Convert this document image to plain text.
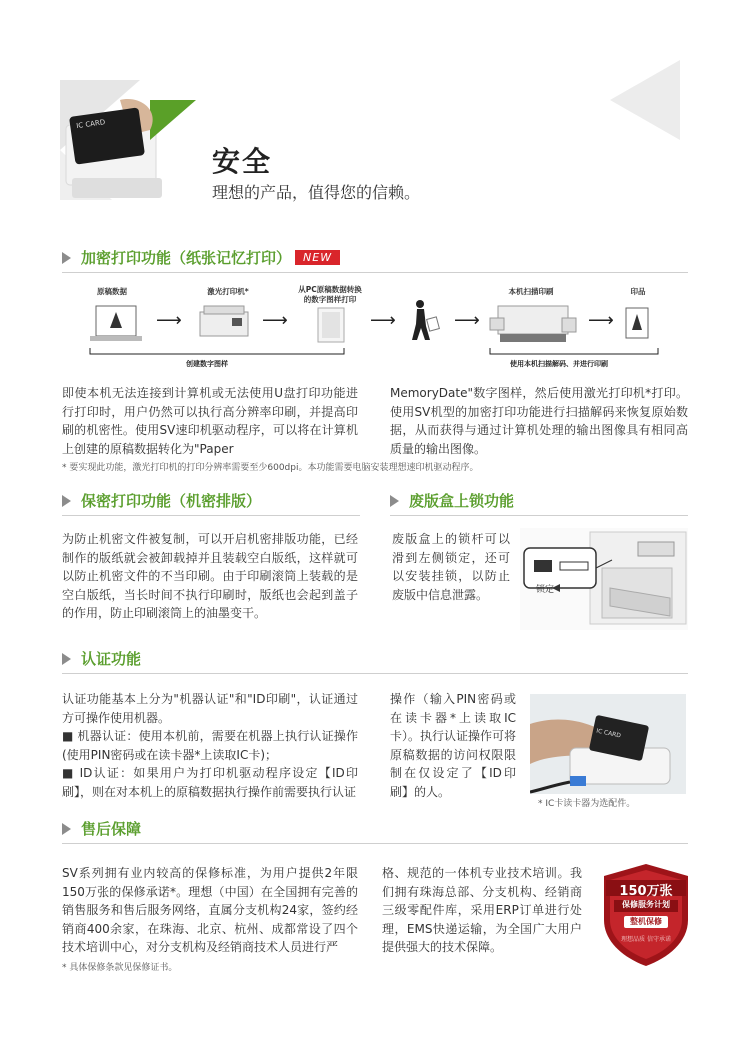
IC CARD
安全
理想的产品，值得您的信赖。
加密打印功能（纸张记忆打印）	NEW
原稿数据	激光打印机*	从PC原稿数据转换
的数字图样打印
本机扫描印刷	印品
⟶	⟶	⟶	⟶	⟶
创建数字图样	使用本机扫描解码、并进行印刷
即使本机无法连接到计算机或无法使用U盘打印功能进行打印时，用户仍然可以执行高分辨率印刷，并提高印刷的机密性。使用SV速印机驱动程序，可以将在计算机上创建的原稿数据转化为"Paper
MemoryDate"数字图样，然后使用激光打印机*打印。使用SV机型的加密打印功能进行扫描解码来恢复原始数据，从而获得与通过计算机处理的输出图像具有相同高质量的输出图像。
* 要实现此功能，激光打印机的打印分辨率需要至少600dpi。本功能需要电脑安装理想速印机驱动程序。
保密打印功能（机密排版）
为防止机密文件被复制，可以开启机密排版功能，已经制作的版纸就会被卸载掉并且装载空白版纸，这样就可以防止机密文件的不当印刷。由于印刷滚筒上装载的是空白版纸，当长时间不执行印刷时，版纸也会起到盖子的作用，防止印刷滚筒上的油墨变干。
废版盒上锁功能
废版盒上的锁杆可以滑到左侧锁定，还可以安装挂锁，以防止废版中信息泄露。	锁定
认证功能
认证功能基本上分为"机器认证"和"ID印刷"，认证通过方可操作使用机器。
■ 机器认证：使用本机前，需要在机器上执行认证操作(使用PIN密码或在读卡器*上读取IC卡)；
■ ID认证：如果用户为打印机驱动程序设定【ID印刷】，则在对本机上的原稿数据执行操作前需要执行认证
操作（输入PIN密码或在读卡器*上读取IC卡）。执行认证操作可将原稿数据的访问权限限制在仅设定了【ID印刷】的人。
IC CARD
* IC卡读卡器为选配件。
售后保障
SV系列拥有业内较高的保修标准，为用户提供2年限150万张的保修承诺*。理想（中国）在全国拥有完善的销售服务和售后服务网络，直属分支机构24家，签约经销商400余家，在珠海、北京、杭州、成都常设了四个技术培训中心，对分支机构及经销商技术人员进行严
格、规范的一体机专业技术培训。我们拥有珠海总部、分支机构、经销商三级零配件库，采用ERP订单进行处理，EMS快递运输，为全国广大用户提供强大的技术保障。
* 具体保修条款见保修证书。
150万张
保修服务计划
整机保修
理想品质 信守承诺
